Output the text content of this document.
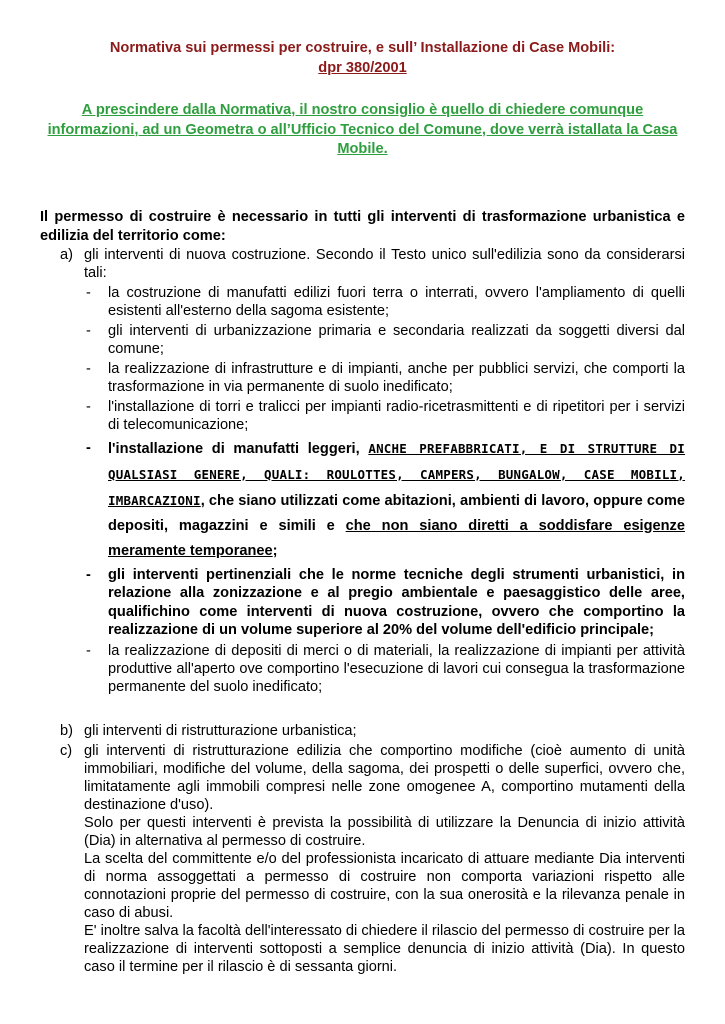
Normativa sui permessi per costruire, e sull’ Installazione di Case Mobili:
dpr 380/2001

A prescindere dalla Normativa, il nostro consiglio è quello di chiedere comunque informazioni, ad un Geometra o all’Ufficio Tecnico del Comune, dove verrà istallata la Casa Mobile.

Il permesso di costruire è necessario in tutti gli interventi di trasformazione urbanistica e edilizia del territorio come:

a) gli interventi di nuova costruzione. Secondo il Testo unico sull'edilizia sono da considerarsi tali:
- la costruzione di manufatti edilizi fuori terra o interrati, ovvero l'ampliamento di quelli esistenti all'esterno della sagoma esistente;
- gli interventi di urbanizzazione primaria e secondaria realizzati da soggetti diversi dal comune;
- la realizzazione di infrastrutture e di impianti, anche per pubblici servizi, che comporti la trasformazione in via permanente di suolo inedificato;
- l'installazione di torri e tralicci per impianti radio-ricetrasmittenti e di ripetitori per i servizi di telecomunicazione;
- l'installazione di manufatti leggeri, ANCHE PREFABBRICATI, E DI STRUTTURE DI QUALSIASI GENERE, QUALI: ROULOTTES, CAMPERS, BUNGALOW, CASE MOBILI, IMBARCAZIONI, che siano utilizzati come abitazioni, ambienti di lavoro, oppure come depositi, magazzini e simili e che non siano diretti a soddisfare esigenze meramente temporanee;
- gli interventi pertinenziali che le norme tecniche degli strumenti urbanistici, in relazione alla zonizzazione e al pregio ambientale e paesaggistico delle aree, qualifichino come interventi di nuova costruzione, ovvero che comportino la realizzazione di un volume superiore al 20% del volume dell'edificio principale;
- la realizzazione di depositi di merci o di materiali, la realizzazione di impianti per attività produttive all'aperto ove comportino l'esecuzione di lavori cui consegua la trasformazione permanente del suolo inedificato;
b) gli interventi di ristrutturazione urbanistica;
c) gli interventi di ristrutturazione edilizia che comportino modifiche (cioè aumento di unità immobiliari, modifiche del volume, della sagoma, dei prospetti o delle superfici, ovvero che, limitatamente agli immobili compresi nelle zone omogenee A, comportino mutamenti della destinazione d'uso).
Solo per questi interventi è prevista la possibilità di utilizzare la Denuncia di inizio attività (Dia) in alternativa al permesso di costruire.
La scelta del committente e/o del professionista incaricato di attuare mediante Dia interventi di norma assoggettati a permesso di costruire non comporta variazioni rispetto alle connotazioni proprie del permesso di costruire, con la sua onerosità e la rilevanza penale in caso di abusi.
E' inoltre salva la facoltà dell'interessato di chiedere il rilascio del permesso di costruire per la realizzazione di interventi sottoposti a semplice denuncia di inizio attività (Dia). In questo caso il termine per il rilascio è di sessanta giorni.
